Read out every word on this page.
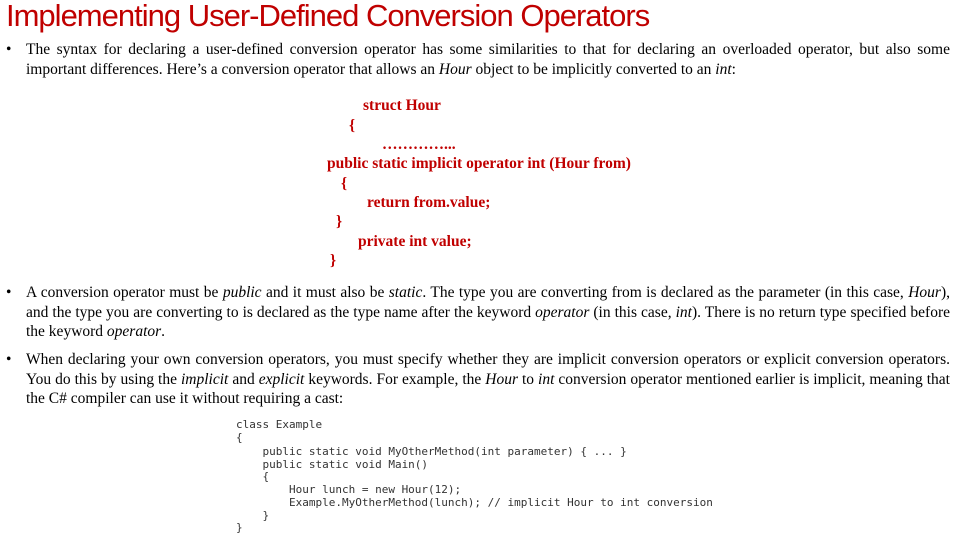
Implementing User-Defined Conversion Operators
• The syntax for declaring a user-defined conversion operator has some similarities to that for declaring an overloaded operator, but also some important differences. Here’s a conversion operator that allows an Hour object to be implicitly converted to an int:
struct Hour
{
…………...
public static implicit operator int (Hour from)
{
return from.value;
}
private int value;
}
• A conversion operator must be public and it must also be static. The type you are converting from is declared as the parameter (in this case, Hour), and the type you are converting to is declared as the type name after the keyword operator (in this case, int). There is no return type specified before the keyword operator.
• When declaring your own conversion operators, you must specify whether they are implicit conversion operators or explicit conversion operators. You do this by using the implicit and explicit keywords. For example, the Hour to int conversion operator mentioned earlier is implicit, meaning that the C# compiler can use it without requiring a cast:
class Example
{
public static void MyOtherMethod(int parameter) { ... }
public static void Main()
{
Hour lunch = new Hour(12);
Example.MyOtherMethod(lunch); // implicit Hour to int conversion
}
}
